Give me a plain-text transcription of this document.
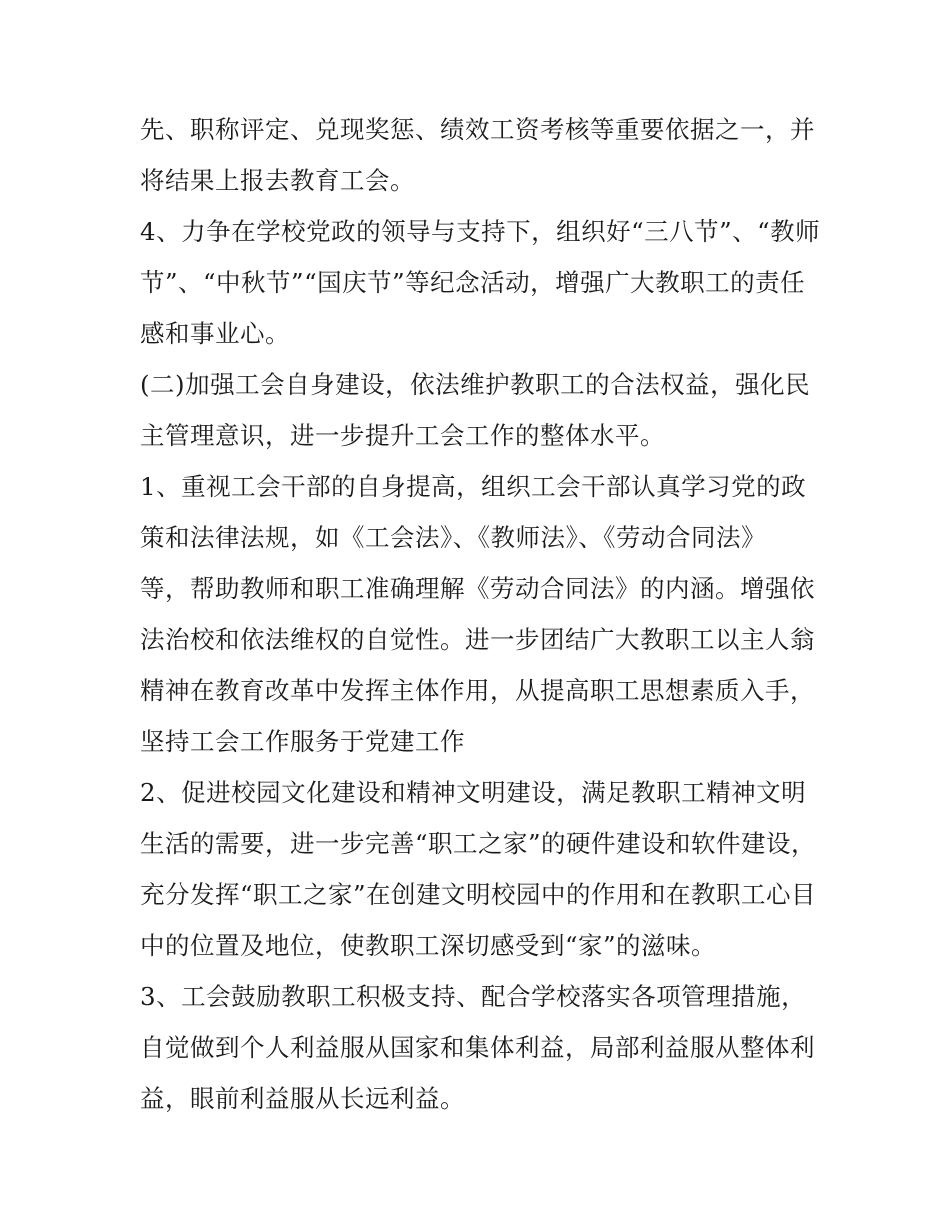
先、职称评定、兑现奖惩、绩效工资考核等重要依据之一，并
将结果上报去教育工会。
4、力争在学校党政的领导与支持下，组织好“三八节”、“教师
节”、“中秋节”“国庆节”等纪念活动，增强广大教职工的责任
感和事业心。
(二)加强工会自身建设，依法维护教职工的合法权益，强化民
主管理意识，进一步提升工会工作的整体水平。
1、重视工会干部的自身提高，组织工会干部认真学习党的政
策和法律法规，如《工会法》、《教师法》、《劳动合同法》
等，帮助教师和职工准确理解《劳动合同法》的内涵。增强依
法治校和依法维权的自觉性。进一步团结广大教职工以主人翁
精神在教育改革中发挥主体作用，从提高职工思想素质入手，
坚持工会工作服务于党建工作
2、促进校园文化建设和精神文明建设，满足教职工精神文明
生活的需要，进一步完善“职工之家”的硬件建设和软件建设，
充分发挥“职工之家”在创建文明校园中的作用和在教职工心目
中的位置及地位，使教职工深切感受到“家”的滋味。
3、工会鼓励教职工积极支持、配合学校落实各项管理措施，
自觉做到个人利益服从国家和集体利益，局部利益服从整体利
益，眼前利益服从长远利益。
